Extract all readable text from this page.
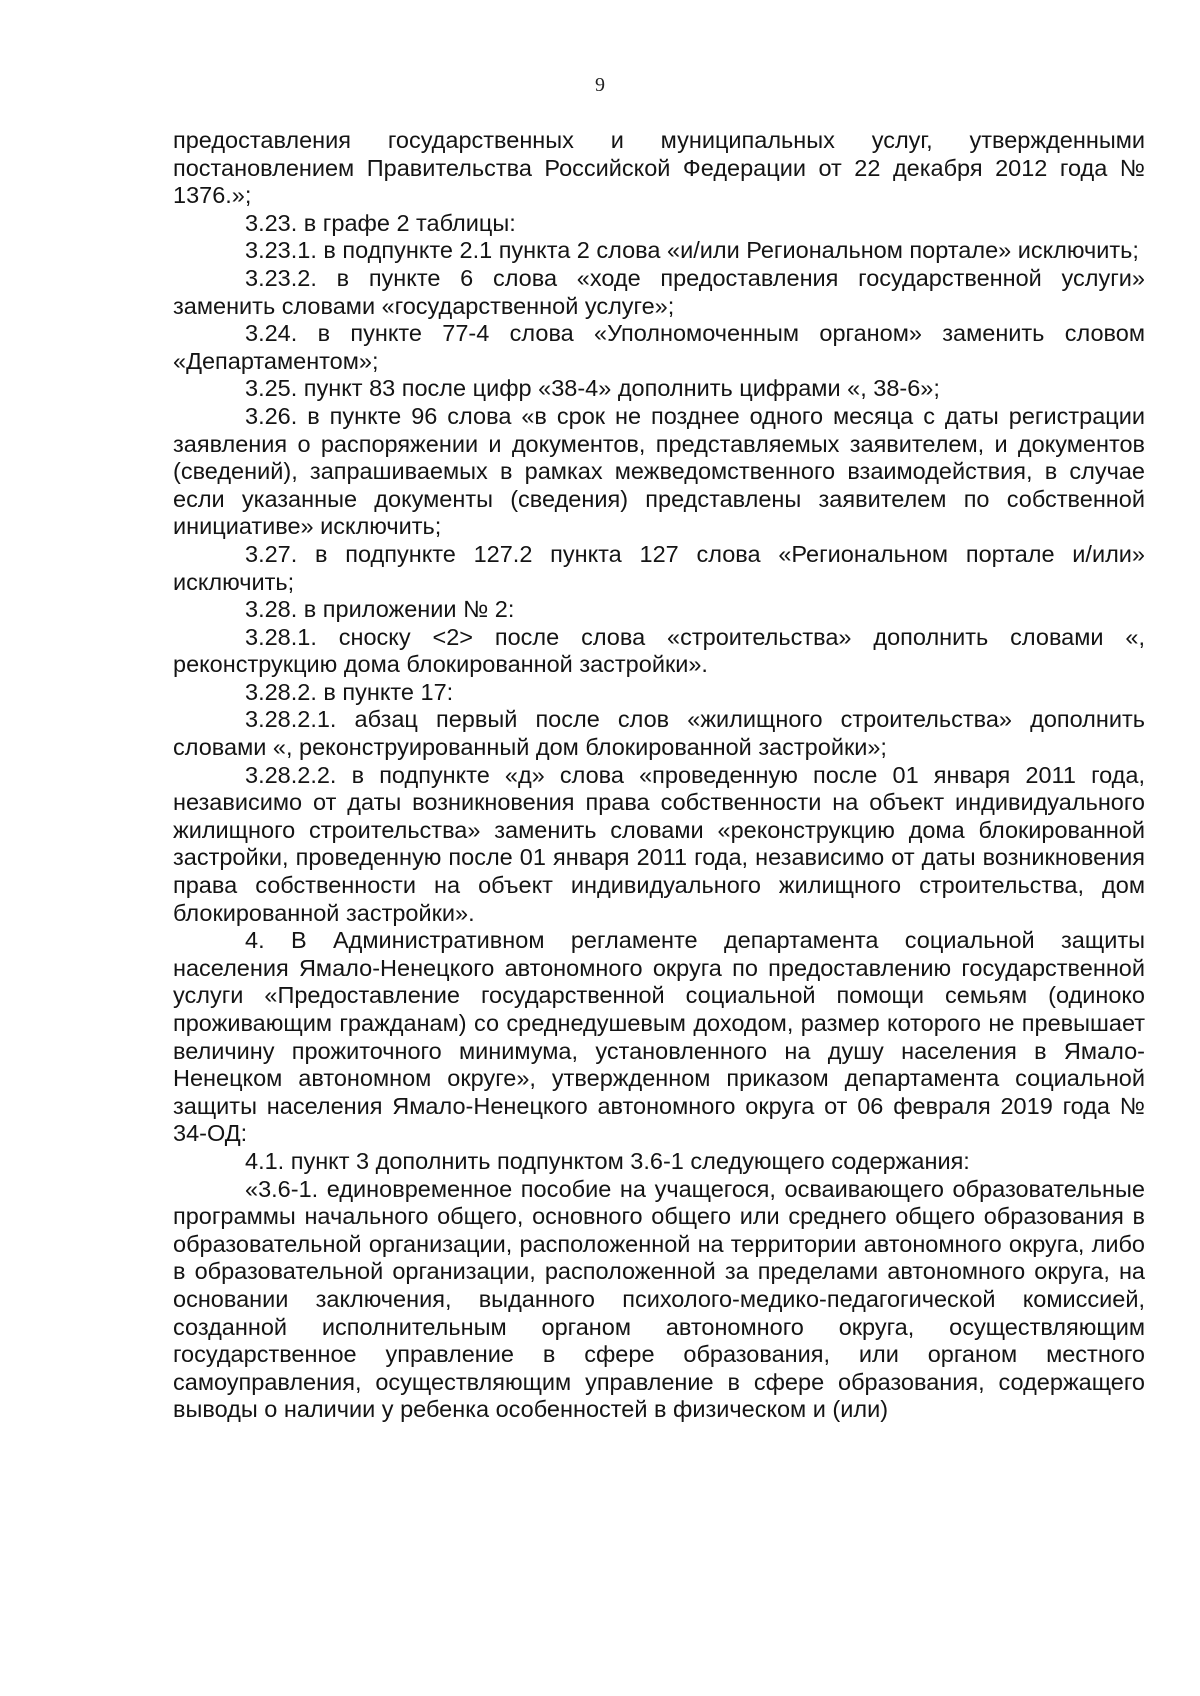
9

предоставления государственных и муниципальных услуг, утвержденными постановлением Правительства Российской Федерации от 22 декабря 2012 года № 1376.»;

3.23. в графе 2 таблицы:

3.23.1. в подпункте 2.1 пункта 2 слова «и/или Региональном портале» исключить;

3.23.2. в пункте 6 слова «ходе предоставления государственной услуги» заменить словами «государственной услуге»;

3.24. в пункте 77-4 слова «Уполномоченным органом» заменить словом «Департаментом»;

3.25. пункт 83 после цифр «38-4» дополнить цифрами «, 38-6»;

3.26. в пункте 96 слова «в срок не позднее одного месяца с даты регистрации заявления о распоряжении и документов, представляемых заявителем, и документов (сведений), запрашиваемых в рамках межведомственного взаимодействия, в случае если указанные документы (сведения) представлены заявителем по собственной инициативе» исключить;

3.27. в подпункте 127.2 пункта 127 слова «Региональном портале и/или» исключить;

3.28. в приложении № 2:

3.28.1. сноску <2> после слова «строительства» дополнить словами «, реконструкцию дома блокированной застройки».

3.28.2. в пункте 17:

3.28.2.1. абзац первый после слов «жилищного строительства» дополнить словами «, реконструированный дом блокированной застройки»;

3.28.2.2. в подпункте «д» слова «проведенную после 01 января 2011 года, независимо от даты возникновения права собственности на объект индивидуального жилищного строительства» заменить словами «реконструкцию дома блокированной застройки, проведенную после 01 января 2011 года, независимо от даты возникновения права собственности на объект индивидуального жилищного строительства, дом блокированной застройки».

4. В Административном регламенте департамента социальной защиты населения Ямало-Ненецкого автономного округа по предоставлению государственной услуги «Предоставление государственной социальной помощи семьям (одиноко проживающим гражданам) со среднедушевым доходом, размер которого не превышает величину прожиточного минимума, установленного на душу населения в Ямало-Ненецком автономном округе», утвержденном приказом департамента социальной защиты населения Ямало-Ненецкого автономного округа от 06 февраля 2019 года № 34-ОД:

4.1. пункт 3 дополнить подпунктом 3.6-1 следующего содержания:

«3.6-1. единовременное пособие на учащегося, осваивающего образовательные программы начального общего, основного общего или среднего общего образования в образовательной организации, расположенной на территории автономного округа, либо в образовательной организации, расположенной за пределами автономного округа, на основании заключения, выданного психолого-медико-педагогической комиссией, созданной исполнительным органом автономного округа, осуществляющим государственное управление в сфере образования, или органом местного самоуправления, осуществляющим управление в сфере образования, содержащего выводы о наличии у ребенка особенностей в физическом и (или)
